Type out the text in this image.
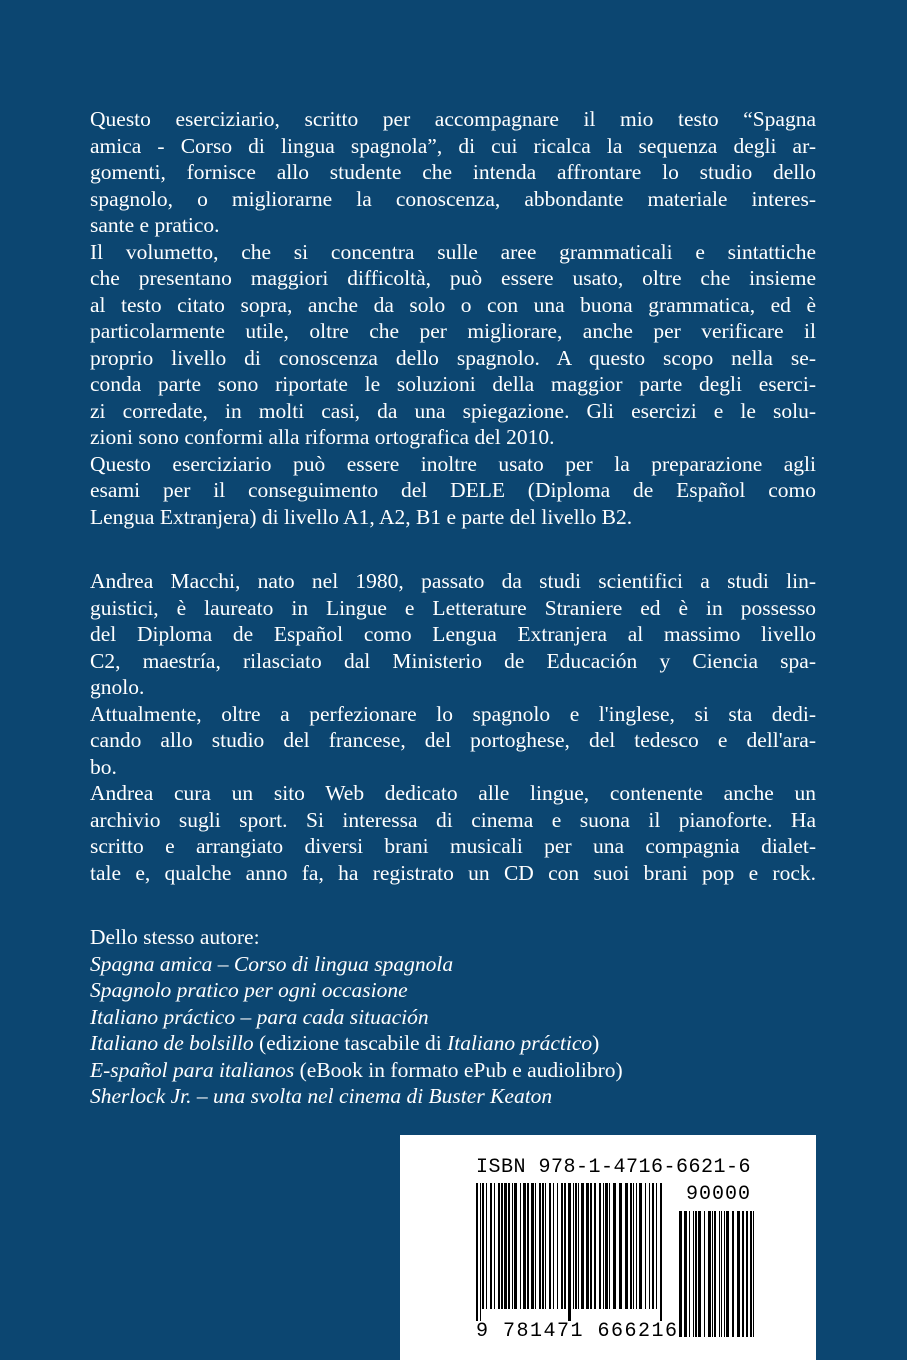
Questo eserciziario, scritto per accompagnare il mio testo “Spagna
amica - Corso di lingua spagnola”, di cui ricalca la sequenza degli ar-
gomenti, fornisce allo studente che intenda affrontare lo studio dello
spagnolo, o migliorarne la conoscenza, abbondante materiale interes-
sante e pratico.
Il volumetto, che si concentra sulle aree grammaticali e sintattiche
che presentano maggiori difficoltà, può essere usato, oltre che insieme
al testo citato sopra, anche da solo o con una buona grammatica, ed è
particolarmente utile, oltre che per migliorare, anche per verificare il
proprio livello di conoscenza dello spagnolo. A questo scopo nella se-
conda parte sono riportate le soluzioni della maggior parte degli eserci-
zi corredate, in molti casi, da una spiegazione. Gli esercizi e le solu-
zioni sono conformi alla riforma ortografica del 2010.
Questo eserciziario può essere inoltre usato per la preparazione agli
esami per il conseguimento del DELE (Diploma de Español como
Lengua Extranjera) di livello A1, A2, B1 e parte del livello B2.
Andrea Macchi, nato nel 1980, passato da studi scientifici a studi lin-
guistici, è laureato in Lingue e Letterature Straniere ed è in possesso
del Diploma de Español como Lengua Extranjera al massimo livello
C2, maestría, rilasciato dal Ministerio de Educación y Ciencia spa-
gnolo.
Attualmente, oltre a perfezionare lo spagnolo e l'inglese, si sta dedi-
cando allo studio del francese, del portoghese, del tedesco e dell'ara-
bo.
Andrea cura un sito Web dedicato alle lingue, contenente anche un
archivio sugli sport. Si interessa di cinema e suona il pianoforte. Ha
scritto e arrangiato diversi brani musicali per una compagnia dialet-
tale e, qualche anno fa, ha registrato un CD con suoi brani pop e rock.
Dello stesso autore:
Spagna amica – Corso di lingua spagnola
Spagnolo pratico per ogni occasione
Italiano práctico – para cada situación
Italiano de bolsillo (edizione tascabile di Italiano práctico)
E-spañol para italianos (eBook in formato ePub e audiolibro)
Sherlock Jr. – una svolta nel cinema di Buster Keaton
ISBN 978-1-4716-6621-6
90000
9 781471 666216
